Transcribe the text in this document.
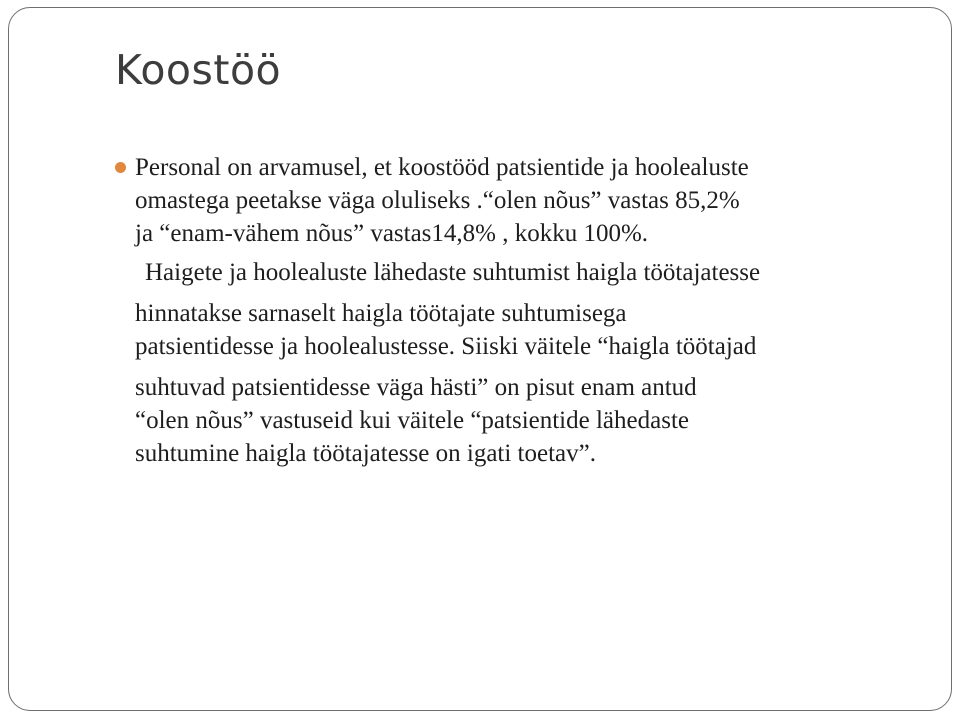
Koostöö

Personal on arvamusel, et koostööd patsientide ja hoolealuste
omastega peetakse väga oluliseks .“olen nõus” vastas 85,2%
ja “enam-vähem nõus” vastas14,8% , kokku 100%.

Haigete ja hoolealuste lähedaste suhtumist haigla töötajatesse
hinnatakse sarnaselt haigla töötajate suhtumisega
patsientidesse ja hoolealustesse. Siiski väitele “haigla töötajad
suhtuvad patsientidesse väga hästi” on pisut enam antud
“olen nõus” vastuseid kui väitele “patsientide lähedaste
suhtumine haigla töötajatesse on igati toetav”.
